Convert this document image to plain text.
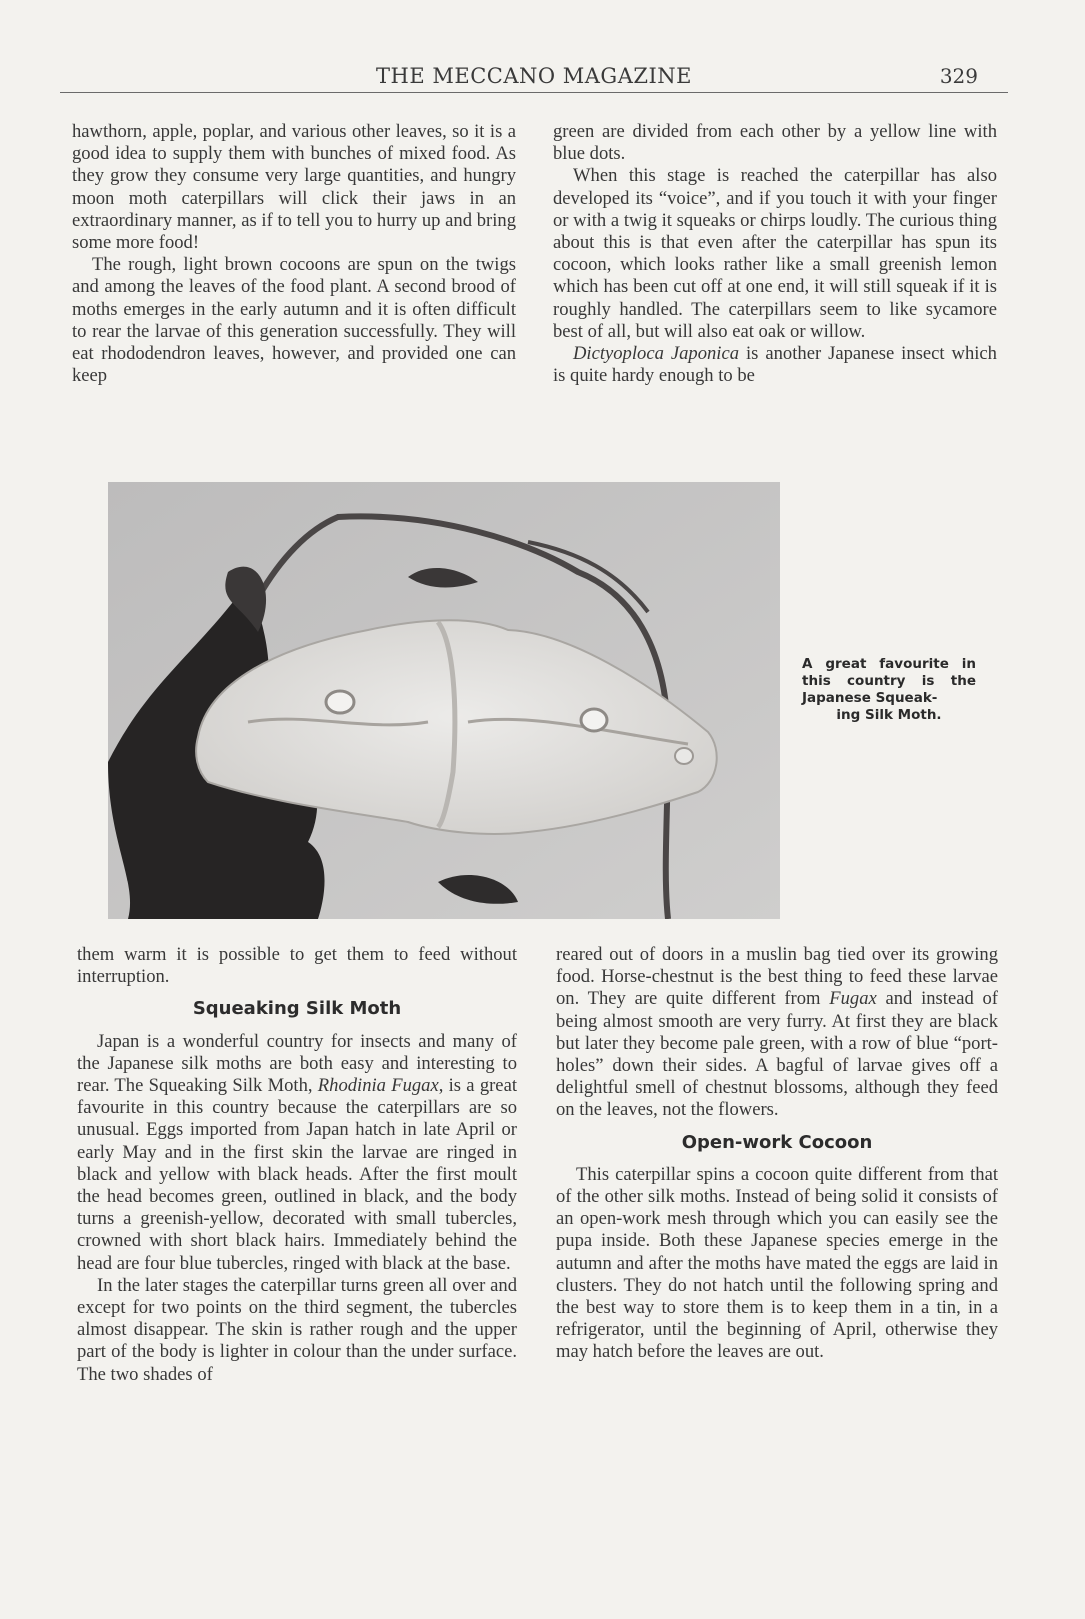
THE MECCANO MAGAZINE	329

hawthorn, apple, poplar, and various other leaves, so it is a good idea to supply them with bunches of mixed food. As they grow they consume very large quantities, and hungry moon moth caterpillars will click their jaws in an extraordinary manner, as if to tell you to hurry up and bring some more food!

The rough, light brown cocoons are spun on the twigs and among the leaves of the food plant. A second brood of moths emerges in the early autumn and it is often difficult to rear the larvae of this generation successfully. They will eat rhododendron leaves, however, and provided one can keep

green are divided from each other by a yellow line with blue dots.

When this stage is reached the caterpillar has also developed its “voice”, and if you touch it with your finger or with a twig it squeaks or chirps loudly. The curious thing about this is that even after the caterpillar has spun its cocoon, which looks rather like a small greenish lemon which has been cut off at one end, it will still squeak if it is roughly handled. The caterpillars seem to like sycamore best of all, but will also eat oak or willow.

Dictyoploca Japonica is another Japanese insect which is quite hardy enough to be

A great favourite in this country is the Japanese Squeak-
ing Silk Moth.

them warm it is possible to get them to feed without interruption.

Squeaking Silk Moth

Japan is a wonderful country for insects and many of the Japanese silk moths are both easy and interesting to rear. The Squeaking Silk Moth, Rhodinia Fugax, is a great favourite in this country because the caterpillars are so unusual. Eggs imported from Japan hatch in late April or early May and in the first skin the larvae are ringed in black and yellow with black heads. After the first moult the head becomes green, outlined in black, and the body turns a greenish-yellow, decorated with small tubercles, crowned with short black hairs. Immediately behind the head are four blue tubercles, ringed with black at the base.

In the later stages the caterpillar turns green all over and except for two points on the third segment, the tubercles almost disappear. The skin is rather rough and the upper part of the body is lighter in colour than the under surface. The two shades of

reared out of doors in a muslin bag tied over its growing food. Horse-chestnut is the best thing to feed these larvae on. They are quite different from Fugax and instead of being almost smooth are very furry. At first they are black but later they become pale green, with a row of blue “port-holes” down their sides. A bagful of larvae gives off a delightful smell of chestnut blossoms, although they feed on the leaves, not the flowers.

Open-work Cocoon

This caterpillar spins a cocoon quite different from that of the other silk moths. Instead of being solid it consists of an open-work mesh through which you can easily see the pupa inside. Both these Japanese species emerge in the autumn and after the moths have mated the eggs are laid in clusters. They do not hatch until the following spring and the best way to store them is to keep them in a tin, in a refrigerator, until the beginning of April, otherwise they may hatch before the leaves are out.
